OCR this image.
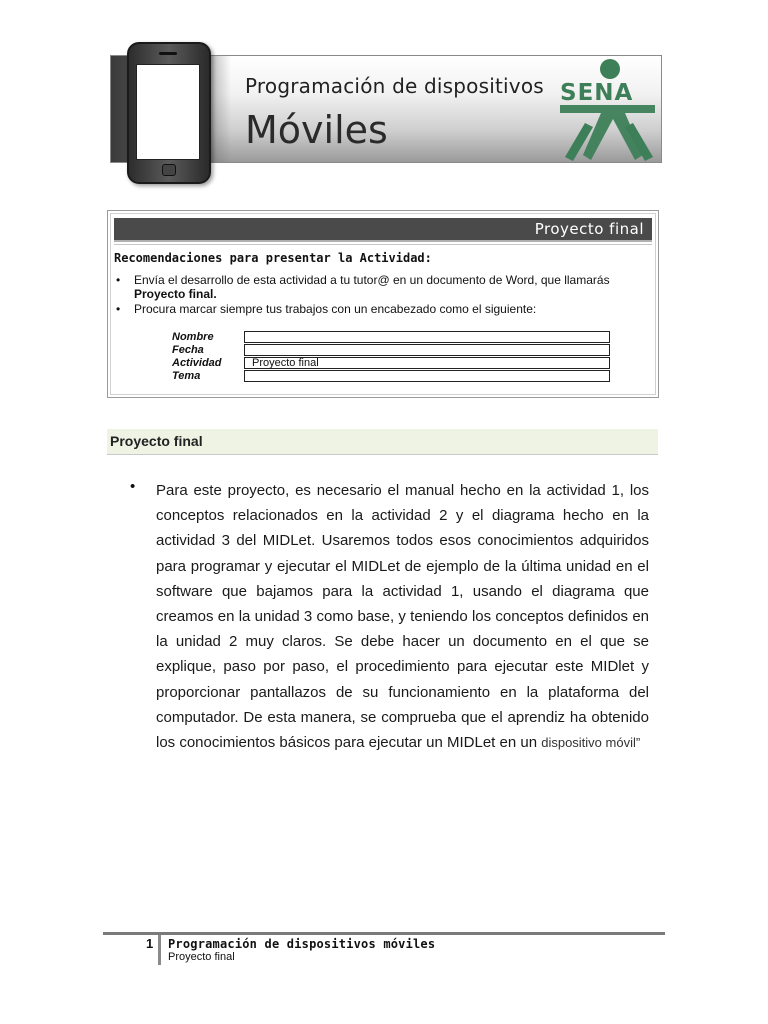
Programación de dispositivos
Móviles
SENA
Proyecto final
Recomendaciones para presentar la Actividad:
• Envía el desarrollo de esta actividad a tu tutor@ en un documento de Word, que llamarás
Proyecto final.
• Procura marcar siempre tus trabajos con un encabezado como el siguiente:
Nombre
Fecha
Actividad	Proyecto final
Tema
Proyecto final
• Para este proyecto, es necesario el manual hecho en la actividad 1, los conceptos relacionados en la actividad 2 y el diagrama hecho en la actividad 3 del MIDLet. Usaremos todos esos conocimientos adquiridos para programar y ejecutar el MIDLet de ejemplo de la última unidad en el software que bajamos para la actividad 1, usando el diagrama que creamos en la unidad 3 como base, y teniendo los conceptos definidos en la unidad 2 muy claros. Se debe hacer un documento en el que se explique, paso por paso, el procedimiento para ejecutar este MIDlet y proporcionar pantallazos de su funcionamiento en la plataforma del computador. De esta manera, se comprueba que el aprendiz ha obtenido los conocimientos básicos para ejecutar un MIDLet en un dispositivo móvil”
1 Programación de dispositivos móviles
Proyecto final
